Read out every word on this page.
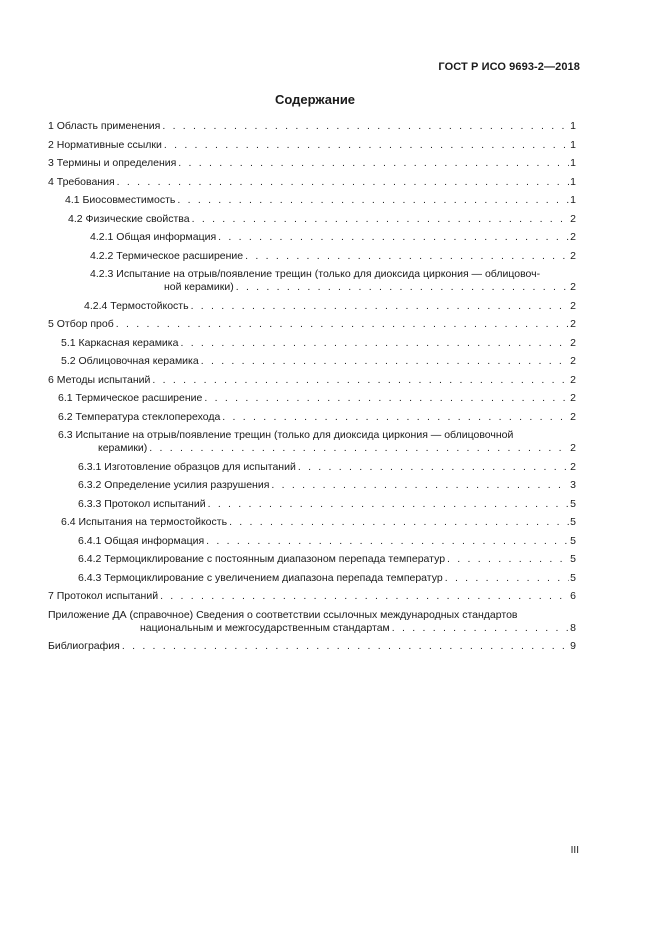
ГОСТ Р ИСО 9693-2—2018
Содержание
1 Область применения . . .	1
2 Нормативные ссылки . . .	1
3 Термины и определения . . .	1
4 Требования . . .	1
4.1 Биосовместимость . . .	1
4.2 Физические свойства . . .	2
4.2.1 Общая информация . . .	2
4.2.2 Термическое расширение . . .	2
4.2.3 Испытание на отрыв/появление трещин (только для диоксида циркония — облицовоч-
ной керамики) . . .	2
4.2.4 Термостойкость . . .	2
5 Отбор проб . . .	2
5.1 Каркасная керамика . . .	2
5.2 Облицовочная керамика . . .	2
6 Методы испытаний . . .	2
6.1 Термическое расширение . . .	2
6.2 Температура стеклоперехода . . .	2
6.3 Испытание на отрыв/появление трещин (только для диоксида циркония — облицовочной
керамики) . . .	2
6.3.1 Изготовление образцов для испытаний . . .	2
6.3.2 Определение усилия разрушения . . .	3
6.3.3 Протокол испытаний . . .	5
6.4 Испытания на термостойкость . . .	5
6.4.1 Общая информация . . .	5
6.4.2 Термоциклирование с постоянным диапазоном перепада температур . . .	5
6.4.3 Термоциклирование с увеличением диапазона перепада температур . . .	5
7 Протокол испытаний . . .	6
Приложение ДА (справочное) Сведения о соответствии ссылочных международных стандартов
национальным и межгосударственным стандартам . . .	8
Библиография . . .	9
III
